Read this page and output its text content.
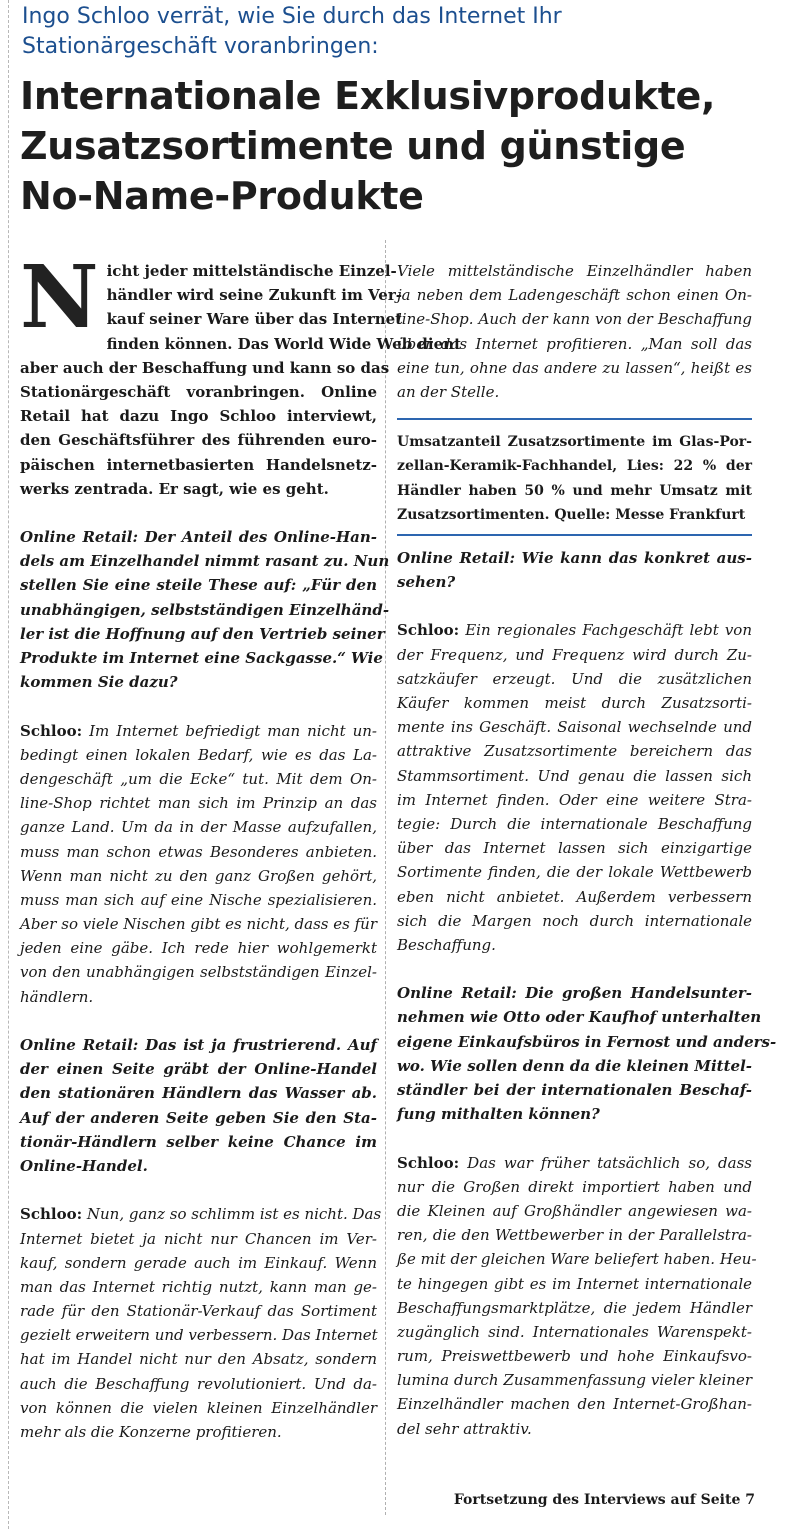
Ingo Schloo verrät, wie Sie durch das Internet Ihr
Stationärgeschäft voranbringen:
Internationale Exklusivprodukte,
Zusatzsortimente und günstige
No-Name-Produkte
N icht jeder mittelständische Einzel-
händler wird seine Zukunft im Ver-
kauf seiner Ware über das Internet
finden können. Das World Wide Web dient
aber auch der Beschaffung und kann so das
Stationärgeschäft voranbringen. Online
Retail hat dazu Ingo Schloo interviewt,
den Geschäftsführer des führenden euro-
päischen internetbasierten Handelsnetz-
werks zentrada. Er sagt, wie es geht.
Online Retail: Der Anteil des Online-Han-
dels am Einzelhandel nimmt rasant zu. Nun
stellen Sie eine steile These auf: „Für den
unabhängigen, selbstständigen Einzelhänd-
ler ist die Hoffnung auf den Vertrieb seiner
Produkte im Internet eine Sackgasse.“ Wie
kommen Sie dazu?
Schloo: Im Internet befriedigt man nicht un-
bedingt einen lokalen Bedarf, wie es das La-
dengeschäft „um die Ecke“ tut. Mit dem On-
line-Shop richtet man sich im Prinzip an das
ganze Land. Um da in der Masse aufzufallen,
muss man schon etwas Besonderes anbieten.
Wenn man nicht zu den ganz Großen gehört,
muss man sich auf eine Nische spezialisieren.
Aber so viele Nischen gibt es nicht, dass es für
jeden eine gäbe. Ich rede hier wohlgemerkt
von den unabhängigen selbstständigen Einzel-
händlern.
Online Retail: Das ist ja frustrierend. Auf
der einen Seite gräbt der Online-Handel
den stationären Händlern das Wasser ab.
Auf der anderen Seite geben Sie den Sta-
tionär-Händlern selber keine Chance im
Online-Handel.
Schloo: Nun, ganz so schlimm ist es nicht. Das
Internet bietet ja nicht nur Chancen im Ver-
kauf, sondern gerade auch im Einkauf. Wenn
man das Internet richtig nutzt, kann man ge-
rade für den Stationär-Verkauf das Sortiment
gezielt erweitern und verbessern. Das Internet
hat im Handel nicht nur den Absatz, sondern
auch die Beschaffung revolutioniert. Und da-
von können die vielen kleinen Einzelhändler
mehr als die Konzerne profitieren.
Viele mittelständische Einzelhändler haben
ja neben dem Ladengeschäft schon einen On-
line-Shop. Auch der kann von der Beschaffung
über das Internet profitieren. „Man soll das
eine tun, ohne das andere zu lassen“, heißt es
an der Stelle.
Umsatzanteil Zusatzsortimente im Glas-Por-
zellan-Keramik-Fachhandel, Lies: 22 % der
Händler haben 50 % und mehr Umsatz mit
Zusatzsortimenten. Quelle: Messe Frankfurt
Online Retail: Wie kann das konkret aus-
sehen?
Schloo: Ein regionales Fachgeschäft lebt von
der Frequenz, und Frequenz wird durch Zu-
satzkäufer erzeugt. Und die zusätzlichen
Käufer kommen meist durch Zusatzsorti-
mente ins Geschäft. Saisonal wechselnde und
attraktive Zusatzsortimente bereichern das
Stammsortiment. Und genau die lassen sich
im Internet finden. Oder eine weitere Stra-
tegie: Durch die internationale Beschaffung
über das Internet lassen sich einzigartige
Sortimente finden, die der lokale Wettbewerb
eben nicht anbietet. Außerdem verbessern
sich die Margen noch durch internationale
Beschaffung.
Online Retail: Die großen Handelsunter-
nehmen wie Otto oder Kaufhof unterhalten
eigene Einkaufsbüros in Fernost und anders-
wo. Wie sollen denn da die kleinen Mittel-
ständler bei der internationalen Beschaf-
fung mithalten können?
Schloo: Das war früher tatsächlich so, dass
nur die Großen direkt importiert haben und
die Kleinen auf Großhändler angewiesen wa-
ren, die den Wettbewerber in der Parallelstra-
ße mit der gleichen Ware beliefert haben. Heu-
te hingegen gibt es im Internet internationale
Beschaffungsmarktplätze, die jedem Händler
zugänglich sind. Internationales Warenspekt-
rum, Preiswettbewerb und hohe Einkaufsvo-
lumina durch Zusammenfassung vieler kleiner
Einzelhändler machen den Internet-Großhan-
del sehr attraktiv.
Fortsetzung des Interviews auf Seite 7
